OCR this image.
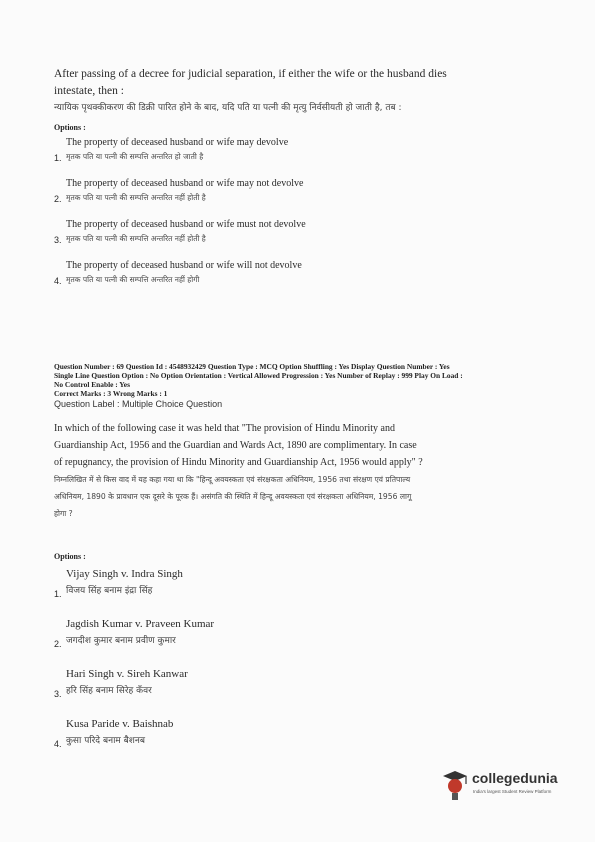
After passing of a decree for judicial separation, if either the wife or the husband dies intestate, then :

न्यायिक पृथक्कीकरण की डिक्री पारित होने के बाद, यदि पति या पत्नी की मृत्यु निर्वसीयती हो जाती है, तब :

Options :
The property of deceased husband or wife may devolve
मृतक पति या पत्नी की सम्पत्ति अन्तरित हो जाती है
1.
The property of deceased husband or wife may not devolve
मृतक पति या पत्नी की सम्पत्ति अन्तरित नहीं होती है
2.
The property of deceased husband or wife must not devolve
मृतक पति या पत्नी की सम्पत्ति अन्तरित नहीं होती है
3.
The property of deceased husband or wife will not devolve
मृतक पति या पत्नी की सम्पत्ति अन्तरित नहीं होगी
4.

Question Number : 69 Question Id : 4548932429 Question Type : MCQ Option Shuffling : Yes Display Question Number : Yes

Single Line Question Option : No Option Orientation : Vertical Allowed Progression : Yes Number of Replay : 999 Play On Load :

No Control Enable : Yes

Correct Marks : 3 Wrong Marks : 1

Question Label : Multiple Choice Question

In which of the following case it was held that "The provision of Hindu Minority and Guardianship Act, 1956 and the Guardian and Wards Act, 1890 are complimentary. In case of repugnancy, the provision of Hindu Minority and Guardianship Act, 1956 would apply" ?

निम्नलिखित में से किस वाद में यह कहा गया था कि "हिन्दू अवयस्कता एवं संरक्षकता अधिनियम, 1956 तथा संरक्षण एवं प्रतिपाल्य अधिनियम, 1890 के प्रावधान एक दूसरे के पूरक हैं। असंगति की स्थिति में हिन्दू अवयस्कता एवं संरक्षकता अधिनियम, 1956 लागू होगा ?

Options :
Vijay Singh v. Indra Singh
विजय सिंह बनाम इंद्रा सिंह
1.
Jagdish Kumar v. Praveen Kumar
जगदीश कुमार बनाम प्रवीण कुमार
2.
Hari Singh v. Sireh Kanwar
हरि सिंह बनाम सिरेह कँवर
3.
Kusa Paride v. Baishnab
कुसा परिदे बनाम बैशनब
4.
collegedunia
India's largest Student Review Platform
